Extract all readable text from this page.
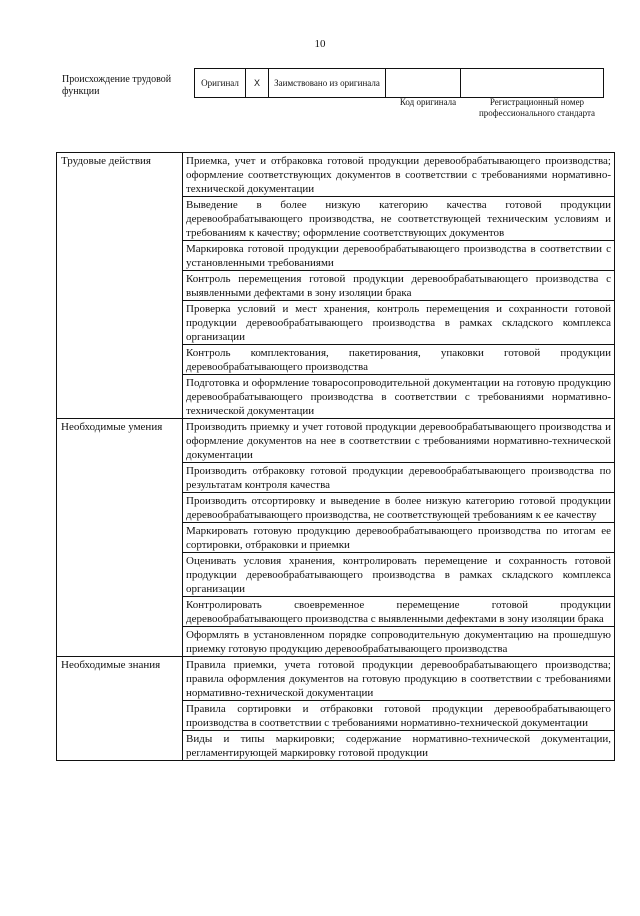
10
Происхождение трудовой функции
Оригинал	X	Заимствовано из оригинала		
Код оригинала	Регистрационный номер профессионального стандарта
Трудовые действия	Приемка, учет и отбраковка готовой продукции деревообрабатывающего производства; оформление соответствующих документов в соответствии с требованиями нормативно-технической документации
	Выведение в более низкую категорию качества готовой продукции деревообрабатывающего производства, не соответствующей техническим условиям и требованиям к качеству; оформление соответствующих документов
	Маркировка готовой продукции деревообрабатывающего производства в соответствии с установленными требованиями
	Контроль перемещения готовой продукции деревообрабатывающего производства с выявленными дефектами в зону изоляции брака
	Проверка условий и мест хранения, контроль перемещения и сохранности готовой продукции деревообрабатывающего производства в рамках складского комплекса организации
	Контроль комплектования, пакетирования, упаковки готовой продукции деревообрабатывающего производства
	Подготовка и оформление товаросопроводительной документации на готовую продукцию деревообрабатывающего производства в соответствии с требованиями нормативно-технической документации
Необходимые умения	Производить приемку и учет готовой продукции деревообрабатывающего производства и оформление документов на нее в соответствии с требованиями нормативно-технической документации
	Производить отбраковку готовой продукции деревообрабатывающего производства по результатам контроля качества
	Производить отсортировку и выведение в более низкую категорию готовой продукции деревообрабатывающего производства, не соответствующей требованиям к ее качеству
	Маркировать готовую продукцию деревообрабатывающего производства по итогам ее сортировки, отбраковки и приемки
	Оценивать условия хранения, контролировать перемещение и сохранность готовой продукции деревообрабатывающего производства в рамках складского комплекса организации
	Контролировать своевременное перемещение готовой продукции деревообрабатывающего производства с выявленными дефектами в зону изоляции брака
	Оформлять в установленном порядке сопроводительную документацию на прошедшую приемку готовую продукцию деревообрабатывающего производства
Необходимые знания	Правила приемки, учета готовой продукции деревообрабатывающего производства; правила оформления документов на готовую продукцию в соответствии с требованиями нормативно-технической документации
	Правила сортировки и отбраковки готовой продукции деревообрабатывающего производства в соответствии с требованиями нормативно-технической документации
	Виды и типы маркировки; содержание нормативно-технической документации, регламентирующей маркировку готовой продукции
